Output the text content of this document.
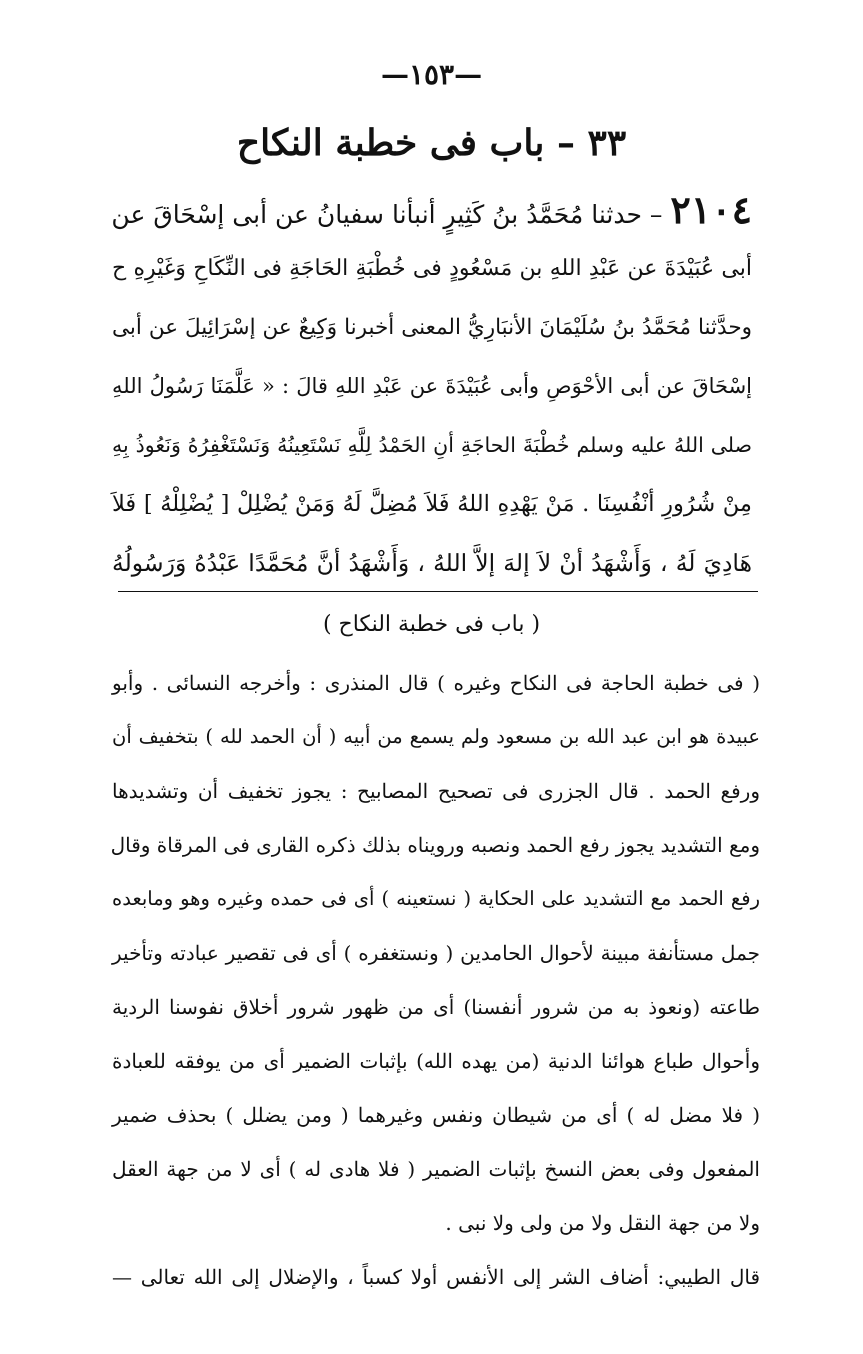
—١٥٣—
٣٣ – باب فى خطبة النكاح
٢١٠٤ – حدثنا مُحَمَّدُ بنُ كَثِيرٍ أنبأنا سفيانُ عن أبى إسْحَاقَ عن
أبى عُبَيْدَةَ عن عَبْدِ اللهِ بن مَسْعُودٍ فى خُطْبَةِ الحَاجَةِ فى النِّكَاحِ وَغَيْرِهِ ح
وحدَّثنا مُحَمَّدُ بنُ سُلَيْمَانَ الأنبَارِيُّ المعنى أخبرنا وَكِيعٌ عن إسْرَائِيلَ عن أبى
إسْحَاقَ عن أبى الأحْوَصِ وأبى عُبَيْدَةَ عن عَبْدِ اللهِ قالَ : « عَلَّمَنَا رَسُولُ اللهِ
صلى اللهُ عليه وسلم خُطْبَةَ الحاجَةِ أنِ الحَمْدُ لِلَّهِ نَسْتَعِينُهُ وَنَسْتَغْفِرُهُ وَنَعُوذُ بِهِ
مِنْ شُرُورِ أنْفُسِنَا . مَنْ يَهْدِهِ اللهُ فَلاَ مُضِلَّ لَهُ وَمَنْ يُضْلِلْ [ يُضْلِلْهُ ] فَلاَ
هَادِيَ لَهُ ، وَأَشْهَدُ أنْ لاَ إلهَ إلاَّ اللهُ ، وَأَشْهَدُ أنَّ مُحَمَّدًا عَبْدُهُ وَرَسُولُهُ
( باب فى خطبة النكاح )
( فى خطبة الحاجة فى النكاح وغيره ) قال المنذرى : وأخرجه النسائى . وأبو
عبيدة هو ابن عبد الله بن مسعود ولم يسمع من أبيه ( أن الحمد لله ) بتخفيف أن
ورفع الحمد . قال الجزرى فى تصحيح المصابيح : يجوز تخفيف أن وتشديدها
ومع التشديد يجوز رفع الحمد ونصبه ورويناه بذلك ذكره القارى فى المرقاة وقال
رفع الحمد مع التشديد على الحكاية ( نستعينه ) أى فى حمده وغيره وهو ومابعده
جمل مستأنفة مبينة لأحوال الحامدين ( ونستغفره ) أى فى تقصير عبادته وتأخير
طاعته (ونعوذ به من شرور أنفسنا) أى من ظهور شرور أخلاق نفوسنا الردية
وأحوال طباع هوائنا الدنية (من يهده الله) بإثبات الضمير أى من يوفقه للعبادة
( فلا مضل له ) أى من شيطان ونفس وغيرهما ( ومن يضلل ) بحذف ضمير
المفعول وفى بعض النسخ بإثبات الضمير ( فلا هادى له ) أى لا من جهة العقل
ولا من جهة النقل ولا من ولى ولا نبى .
قال الطيبي: أضاف الشر إلى الأنفس أولا كسباً ، والإضلال إلى الله تعالى —
